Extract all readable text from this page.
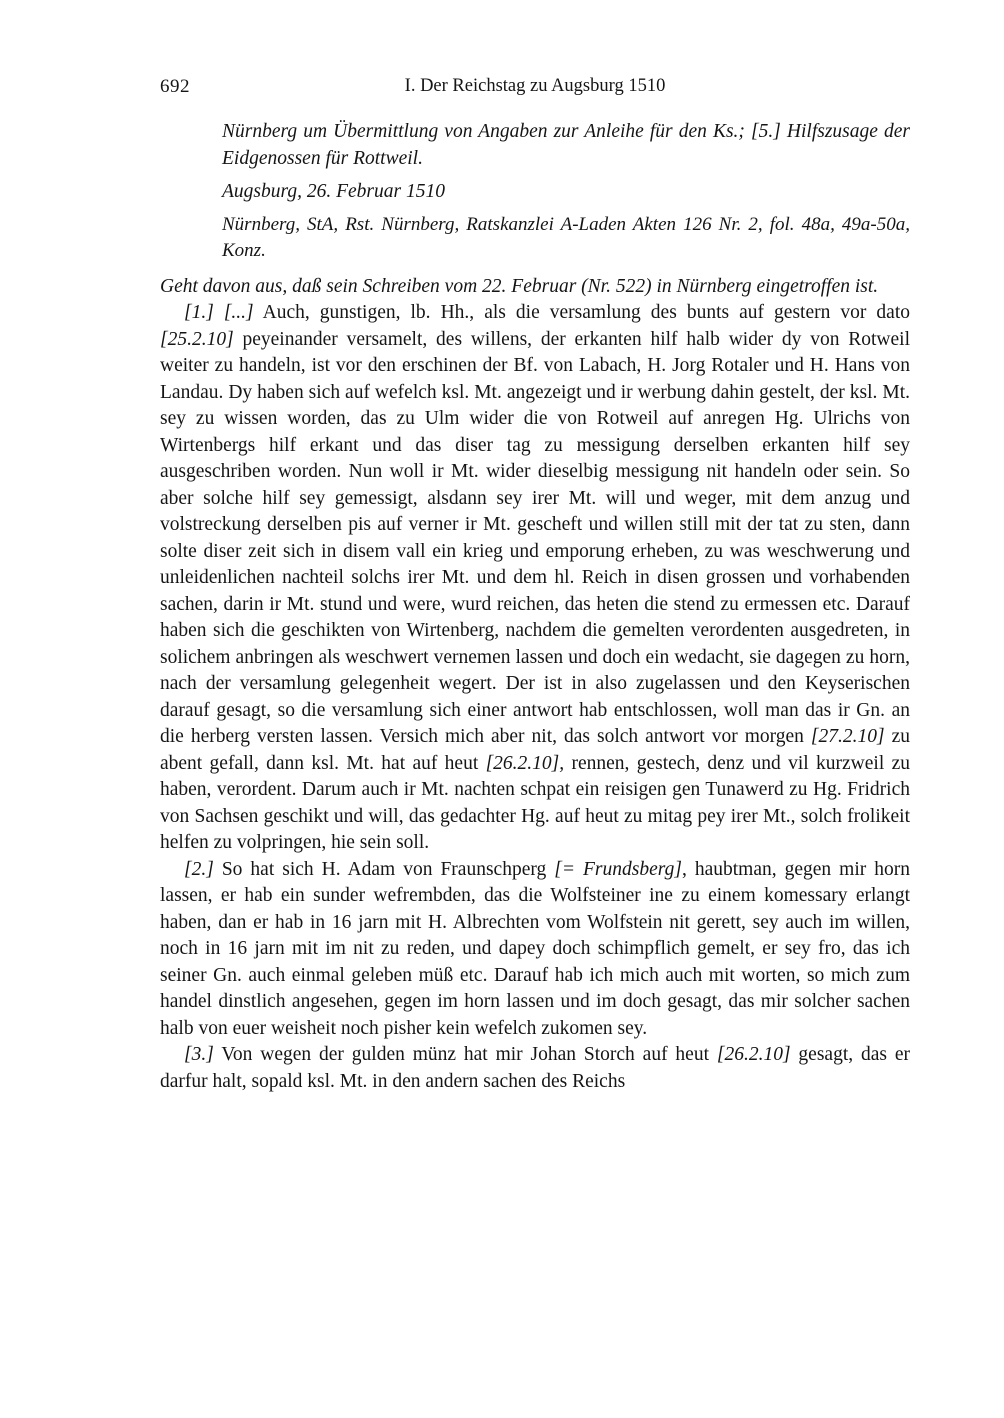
692	I. Der Reichstag zu Augsburg 1510
Nürnberg um Übermittlung von Angaben zur Anleihe für den Ks.; [5.] Hilfszusage der Eidgenossen für Rottweil.
Augsburg, 26. Februar 1510
Nürnberg, StA, Rst. Nürnberg, Ratskanzlei A-Laden Akten 126 Nr. 2, fol. 48a, 49a-50a, Konz.
Geht davon aus, daß sein Schreiben vom 22. Februar (Nr. 522) in Nürnberg eingetroffen ist.

[1.] [...] Auch, gunstigen, lb. Hh., als die versamlung des bunts auf gestern vor dato [25.2.10] peyeinander versamelt, des willens, der erkanten hilf halb wider dy von Rotweil weiter zu handeln, ist vor den erschinen der Bf. von Labach, H. Jorg Rotaler und H. Hans von Landau. Dy haben sich auf wefelch ksl. Mt. angezeigt und ir werbung dahin gestelt, der ksl. Mt. sey zu wissen worden, das zu Ulm wider die von Rotweil auf anregen Hg. Ulrichs von Wirtenbergs hilf erkant und das diser tag zu messigung derselben erkanten hilf sey ausgeschriben worden. Nun woll ir Mt. wider dieselbig messigung nit handeln oder sein. So aber solche hilf sey gemessigt, alsdann sey irer Mt. will und weger, mit dem anzug und volstreckung derselben pis auf verner ir Mt. gescheft und willen still mit der tat zu sten, dann solte diser zeit sich in disem vall ein krieg und emporung erheben, zu was weschwerung und unleidenlichen nachteil solchs irer Mt. und dem hl. Reich in disen grossen und vorhabenden sachen, darin ir Mt. stund und were, wurd reichen, das heten die stend zu ermessen etc. Darauf haben sich die geschikten von Wirtenberg, nachdem die gemelten verordenten ausgedreten, in solichem anbringen als weschwert vernemen lassen und doch ein wedacht, sie dagegen zu horn, nach der versamlung gelegenheit wegert. Der ist in also zugelassen und den Keyserischen darauf gesagt, so die versamlung sich einer antwort hab entschlossen, woll man das ir Gn. an die herberg versten lassen. Versich mich aber nit, das solch antwort vor morgen [27.2.10] zu abent gefall, dann ksl. Mt. hat auf heut [26.2.10], rennen, gestech, denz und vil kurzweil zu haben, verordent. Darum auch ir Mt. nachten schpat ein reisigen gen Tunawerd zu Hg. Fridrich von Sachsen geschikt und will, das gedachter Hg. auf heut zu mitag pey irer Mt., solch frolikeit helfen zu volpringen, hie sein soll.

[2.] So hat sich H. Adam von Fraunschperg [= Frundsberg], haubtman, gegen mir horn lassen, er hab ein sunder wefrembden, das die Wolfsteiner ine zu einem komessary erlangt haben, dan er hab in 16 jarn mit H. Albrechten vom Wolfstein nit gerett, sey auch im willen, noch in 16 jarn mit im nit zu reden, und dapey doch schimpflich gemelt, er sey fro, das ich seiner Gn. auch einmal geleben müß etc. Darauf hab ich mich auch mit worten, so mich zum handel dinstlich angesehen, gegen im horn lassen und im doch gesagt, das mir solcher sachen halb von euer weisheit noch pisher kein wefelch zukomen sey.

[3.] Von wegen der gulden münz hat mir Johan Storch auf heut [26.2.10] gesagt, das er darfur halt, sopald ksl. Mt. in den andern sachen des Reichs
